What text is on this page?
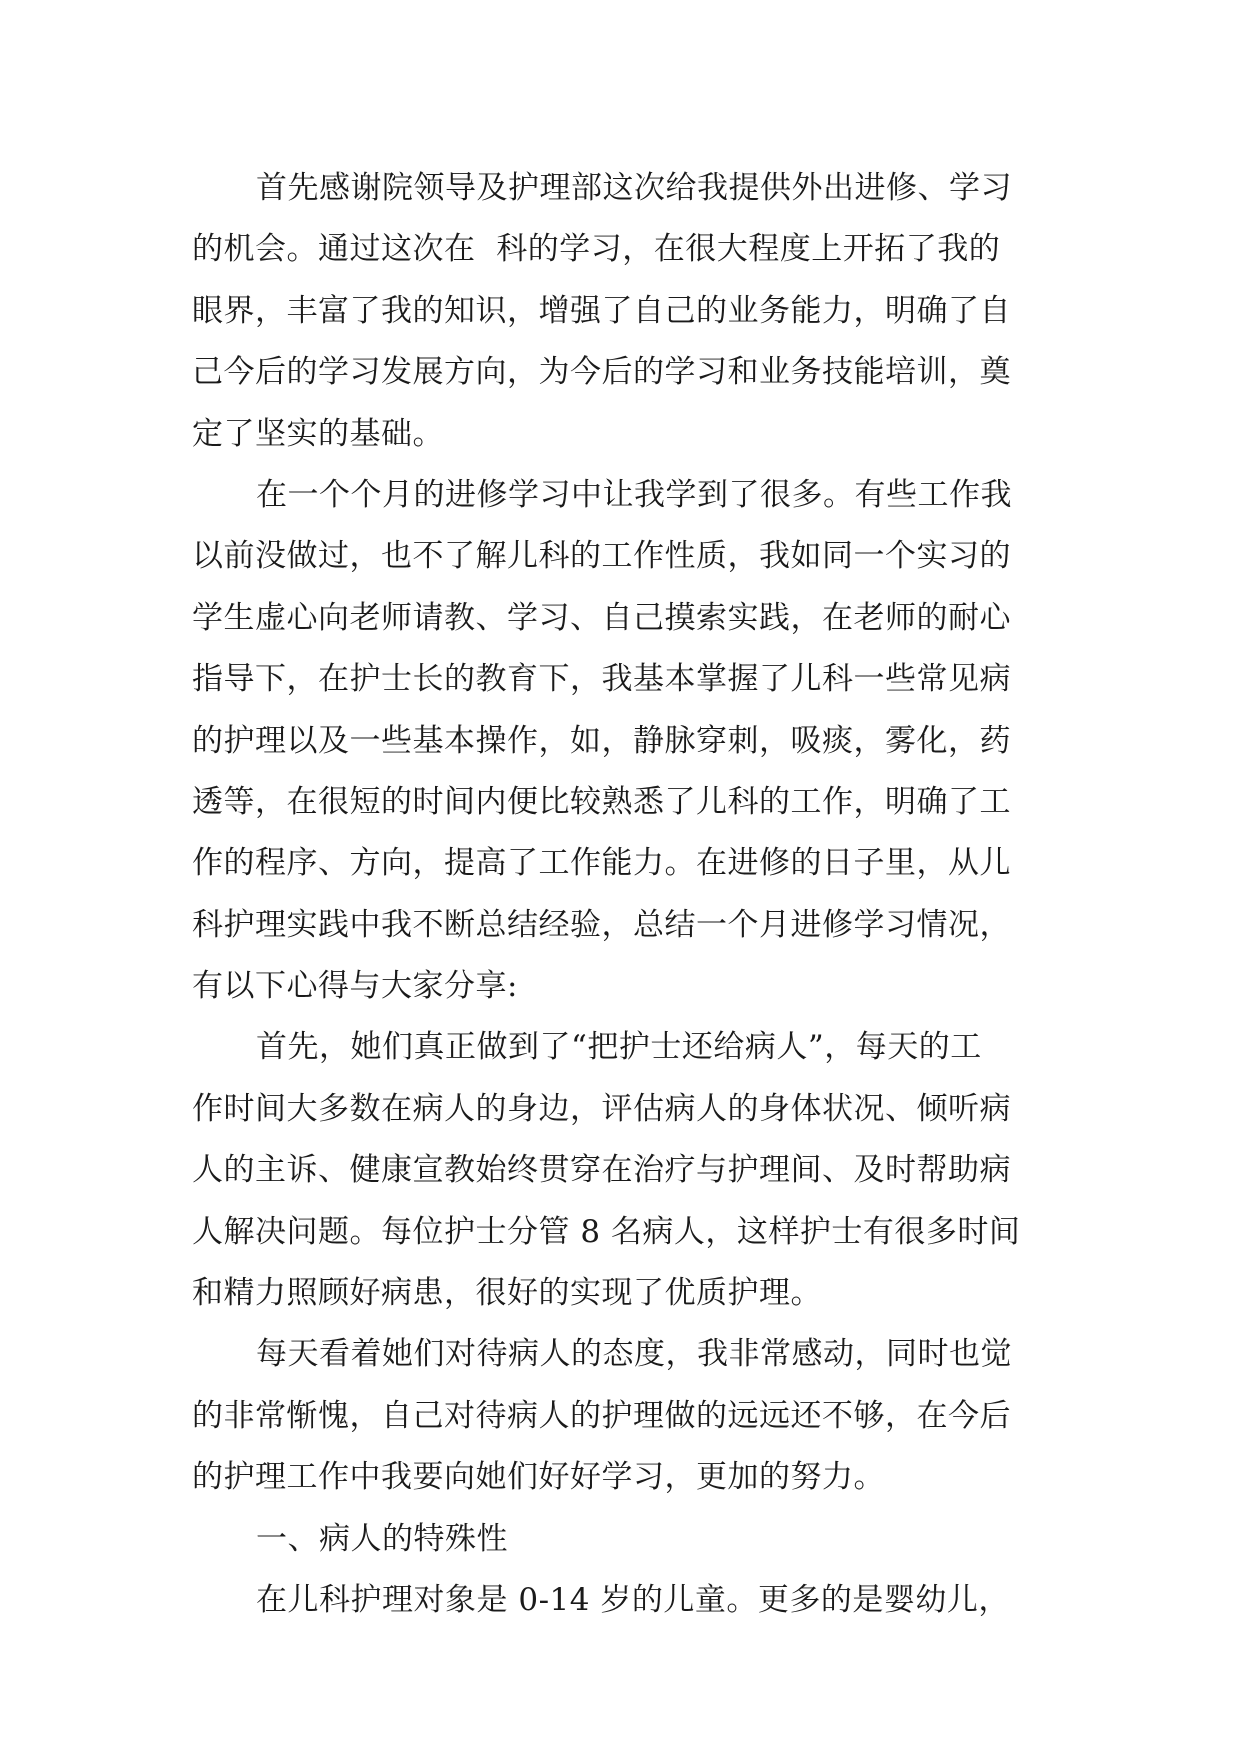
首先感谢院领导及护理部这次给我提供外出进修、学习
的机会。通过这次在  科的学习，在很大程度上开拓了我的
眼界，丰富了我的知识，增强了自己的业务能力，明确了自
己今后的学习发展方向，为今后的学习和业务技能培训，奠
定了坚实的基础。
在一个个月的进修学习中让我学到了很多。有些工作我
以前没做过，也不了解儿科的工作性质，我如同一个实习的
学生虚心向老师请教、学习、自己摸索实践，在老师的耐心
指导下，在护士长的教育下，我基本掌握了儿科一些常见病
的护理以及一些基本操作，如，静脉穿刺，吸痰，雾化，药
透等，在很短的时间内便比较熟悉了儿科的工作，明确了工
作的程序、方向，提高了工作能力。在进修的日子里，从儿
科护理实践中我不断总结经验，总结一个月进修学习情况，
有以下心得与大家分享:
首先，她们真正做到了“把护士还给病人”，每天的工
作时间大多数在病人的身边，评估病人的身体状况、倾听病
人的主诉、健康宣教始终贯穿在治疗与护理间、及时帮助病
人解决问题。每位护士分管 8 名病人，这样护士有很多时间
和精力照顾好病患，很好的实现了优质护理。
每天看着她们对待病人的态度，我非常感动，同时也觉
的非常惭愧，自己对待病人的护理做的远远还不够，在今后
的护理工作中我要向她们好好学习，更加的努力。
一、病人的特殊性
在儿科护理对象是 0-14 岁的儿童。更多的是婴幼儿，
